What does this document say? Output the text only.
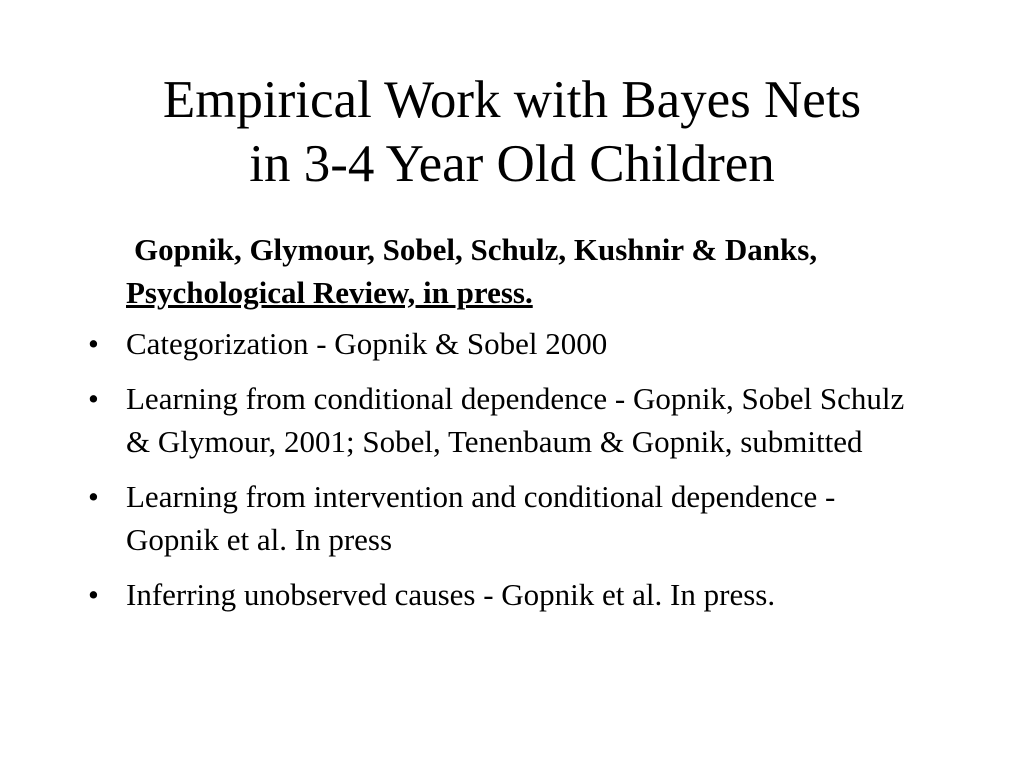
Empirical Work with Bayes Nets
in 3-4 Year Old Children
Gopnik, Glymour, Sobel, Schulz, Kushnir & Danks, Psychological Review, in press.
• Categorization - Gopnik & Sobel 2000
• Learning from conditional dependence - Gopnik, Sobel Schulz & Glymour, 2001; Sobel, Tenenbaum & Gopnik, submitted
• Learning from intervention and conditional dependence - Gopnik et al. In press
• Inferring unobserved causes - Gopnik et al. In press.
